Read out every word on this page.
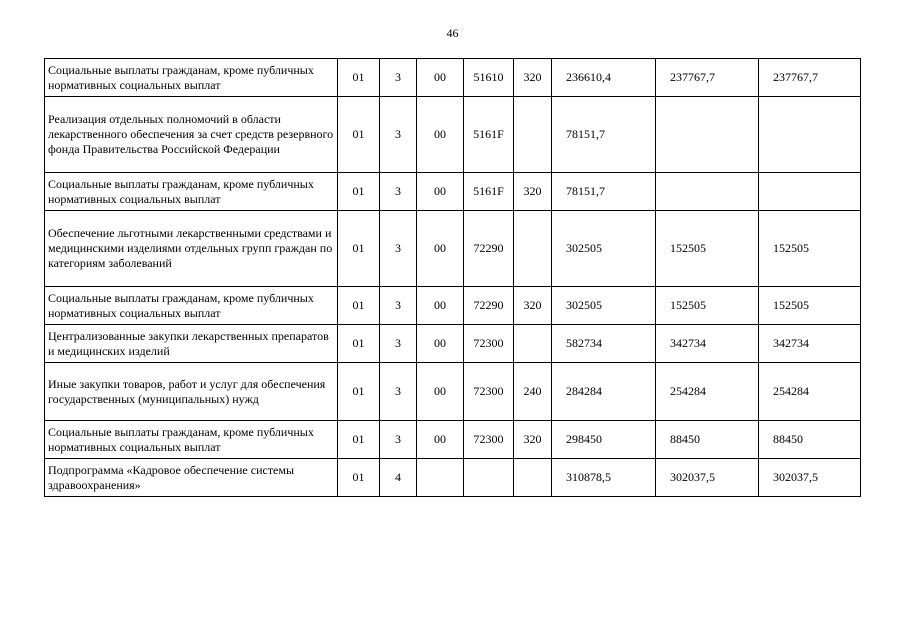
46
Социальные выплаты гражданам, кроме публичных нормативных социальных выплат	01	3	00	51610	320	236610,4	237767,7	237767,7
Реализация отдельных полномочий в области лекарственного обеспечения за счет средств резервного фонда Правительства Российской Федерации	01	3	00	5161F		78151,7		
Социальные выплаты гражданам, кроме публичных нормативных социальных выплат	01	3	00	5161F	320	78151,7		
Обеспечение льготными лекарственными средствами и медицинскими изделиями отдельных групп граждан по категориям заболеваний	01	3	00	72290		302505	152505	152505
Социальные выплаты гражданам, кроме публичных нормативных социальных выплат	01	3	00	72290	320	302505	152505	152505
Централизованные закупки лекарственных препаратов и медицинских изделий	01	3	00	72300		582734	342734	342734
Иные закупки товаров, работ и услуг для обеспечения государственных (муниципальных) нужд	01	3	00	72300	240	284284	254284	254284
Социальные выплаты гражданам, кроме публичных нормативных социальных выплат	01	3	00	72300	320	298450	88450	88450
Подпрограмма «Кадровое обеспечение системы здравоохранения»	01	4				310878,5	302037,5	302037,5
